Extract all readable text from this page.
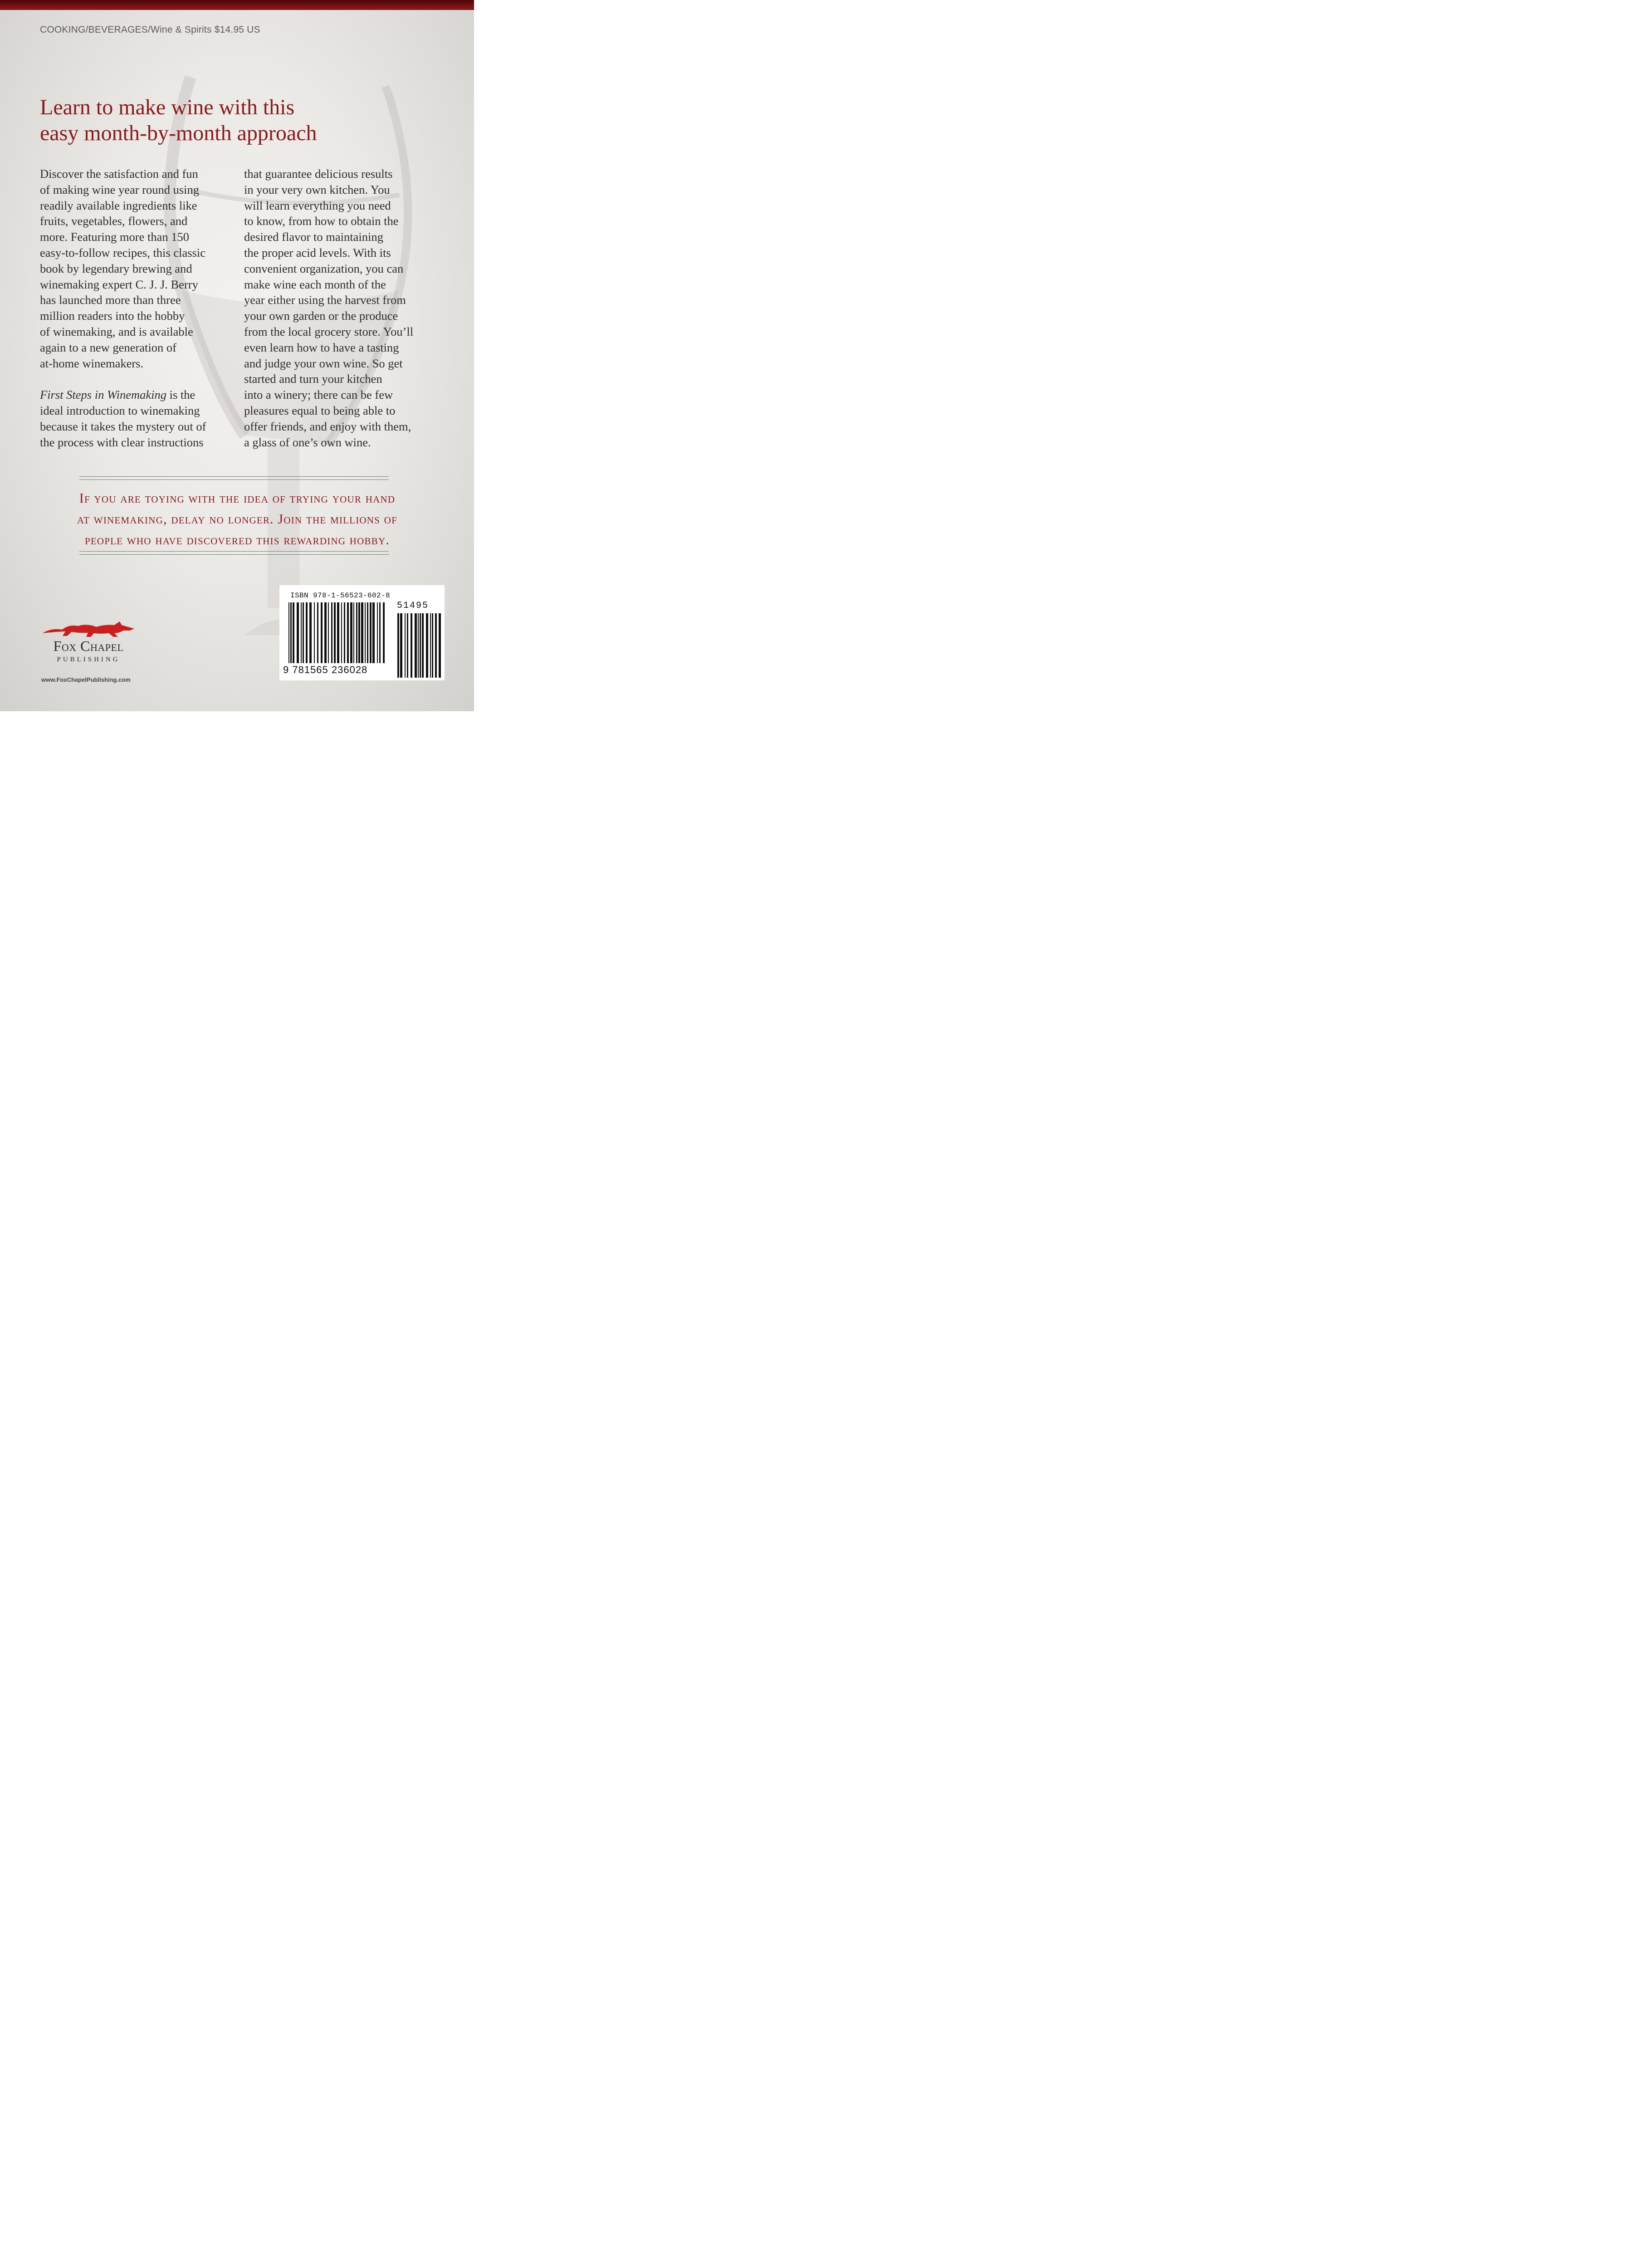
COOKING/BEVERAGES/Wine & Spirits $14.95 US

Learn to make wine with this
easy month-by-month approach

Discover the satisfaction and fun
of making wine year round using
readily available ingredients like
fruits, vegetables, flowers, and
more. Featuring more than 150
easy-to-follow recipes, this classic
book by legendary brewing and
winemaking expert C. J. J. Berry
has launched more than three
million readers into the hobby
of winemaking, and is available
again to a new generation of
at-home winemakers.

First Steps in Winemaking is the
ideal introduction to winemaking
because it takes the mystery out of
the process with clear instructions

that guarantee delicious results
in your very own kitchen. You
will learn everything you need
to know, from how to obtain the
desired flavor to maintaining
the proper acid levels. With its
convenient organization, you can
make wine each month of the
year either using the harvest from
your own garden or the produce
from the local grocery store. You’ll
even learn how to have a tasting
and judge your own wine. So get
started and turn your kitchen
into a winery; there can be few
pleasures equal to being able to
offer friends, and enjoy with them,
a glass of one’s own wine.

If you are toying with the idea of trying your hand
at winemaking, delay no longer. Join the millions of
people who have discovered this rewarding hobby.

Fox Chapel
PUBLISHING

www.FoxChapelPublishing.com

ISBN 978-1-56523-602-8

51495

9 781565 236028
